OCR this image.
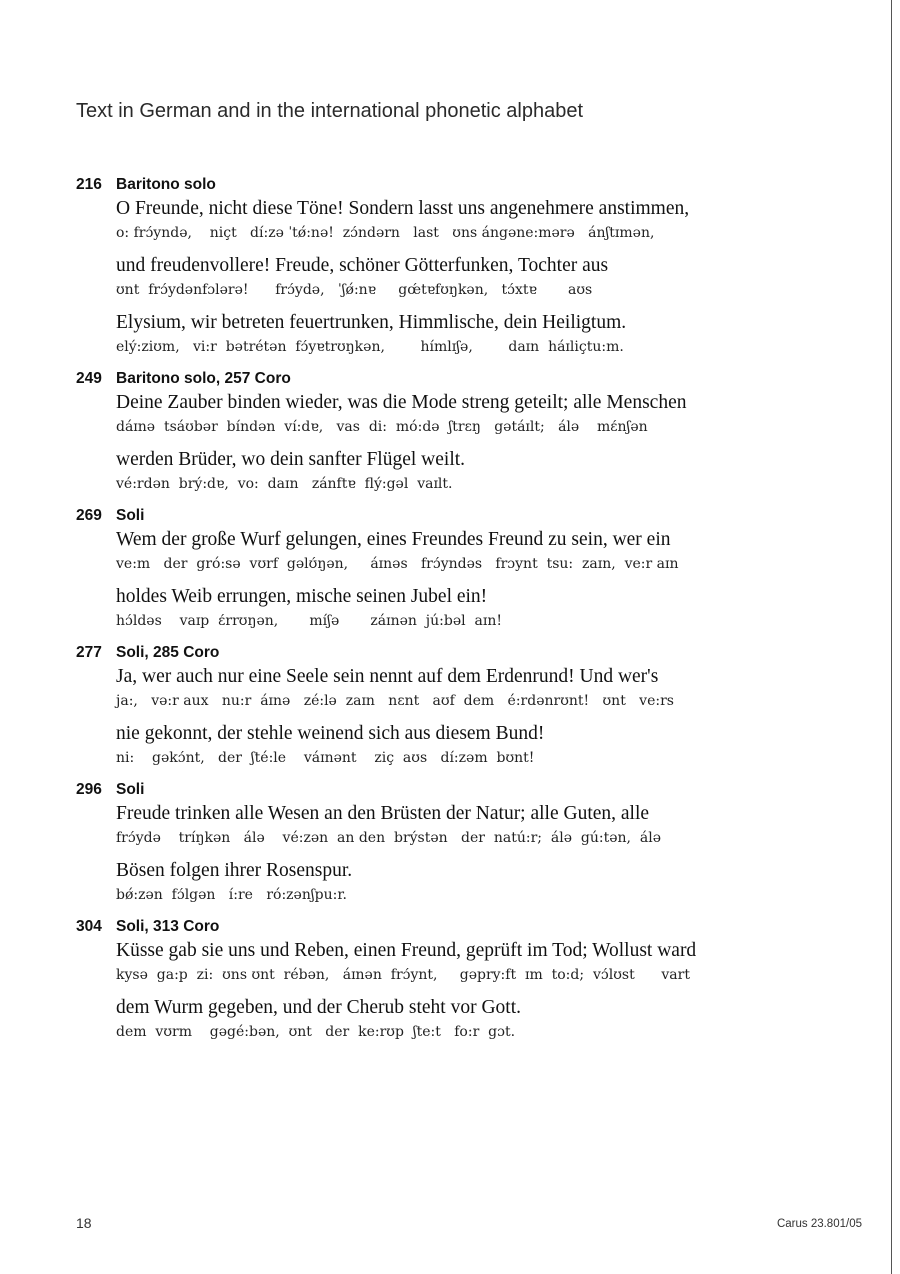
Text in German and in the international phonetic alphabet
216 Baritono solo
O Freunde, nicht diese Töne! Sondern lasst uns angenehmere anstimmen,
o: frɔ́yndə,    niçt   dí:zə ˈtǿ:nə!  zɔ́ndərn   last   ʊns ángəne:mərə   ánʃtɪmən,
und freudenvollere! Freude, schöner Götterfunken, Tochter aus
ʊnt  frɔ́ydənfɔlərə!      frɔ́ydə,   ˈʃǿ:nɐ     gœ́tɐfʊŋkən,   tɔ́xtɐ       aʊs
Elysium, wir betreten feuertrunken, Himmlische, dein Heiligtum.
elý:ziʊm,   vi:r  bətrétən  fɔ́yɐtrʊŋkən,        hímlɪʃə,        daɪn  háɪliçtu:m.
249 Baritono solo, 257 Coro
Deine Zauber binden wieder, was die Mode streng geteilt; alle Menschen
dáɪnə  tsáʊbər  bíndən  ví:dɐ,   vas  di:  mó:də  ʃtrɛŋ   gətáɪlt;   álə    mɛ́nʃən
werden Brüder, wo dein sanfter Flügel weilt.
vé:rdən  brý:dɐ,  vo:  daɪn   zánftɐ  flý:gəl  vaɪlt.
269 Soli
Wem der große Wurf gelungen, eines Freundes Freund zu sein, wer ein
ve:m   der  gró:sə  vʊrf  gəlʊ́ŋən,     áɪnəs   frɔ́yndəs   frɔynt  tsu:  zaɪn,  ve:r aɪn
holdes Weib errungen, mische seinen Jubel ein!
hɔ́ldəs    vaɪp  ɛ́rrʊŋən,       míʃə       záɪnən  jú:bəl  aɪn!
277 Soli, 285 Coro
Ja, wer auch nur eine Seele sein nennt auf dem Erdenrund! Und wer's
ja:,   və:r aux   nu:r  áɪnə   zé:lə  zaɪn   nɛnt   aʊf  dem   é:rdənrʊnt!   ʊnt   ve:rs
nie gekonnt, der stehle weinend sich aus diesem Bund!
ni:    gəkɔ́nt,   der  ʃté:le    váɪnənt    ziç  aʊs   dí:zəm  bʊnt!
296 Soli
Freude trinken alle Wesen an den Brüsten der Natur; alle Guten, alle
frɔ́ydə    tríŋkən   álə    vé:zən  an den  brýstən   der  natú:r;  álə  gú:tən,  álə
Bösen folgen ihrer Rosenspur.
bǿ:zən  fɔ́lgən   í:re   ró:zənʃpu:r.
304 Soli, 313 Coro
Küsse gab sie uns und Reben, einen Freund, geprüft im Tod; Wollust ward
kysə  ga:p  zi:  ʊns ʊnt  rébən,   áɪnən  frɔ́ynt,     gəpry:ft  ɪm  to:d;  vɔ́lʊst      vart
dem Wurm gegeben, und der Cherub steht vor Gott.
dem  vʊrm    gəgé:bən,  ʊnt   der  ke:rʊp  ʃte:t   fo:r  gɔt.
18	Carus 23.801/05
